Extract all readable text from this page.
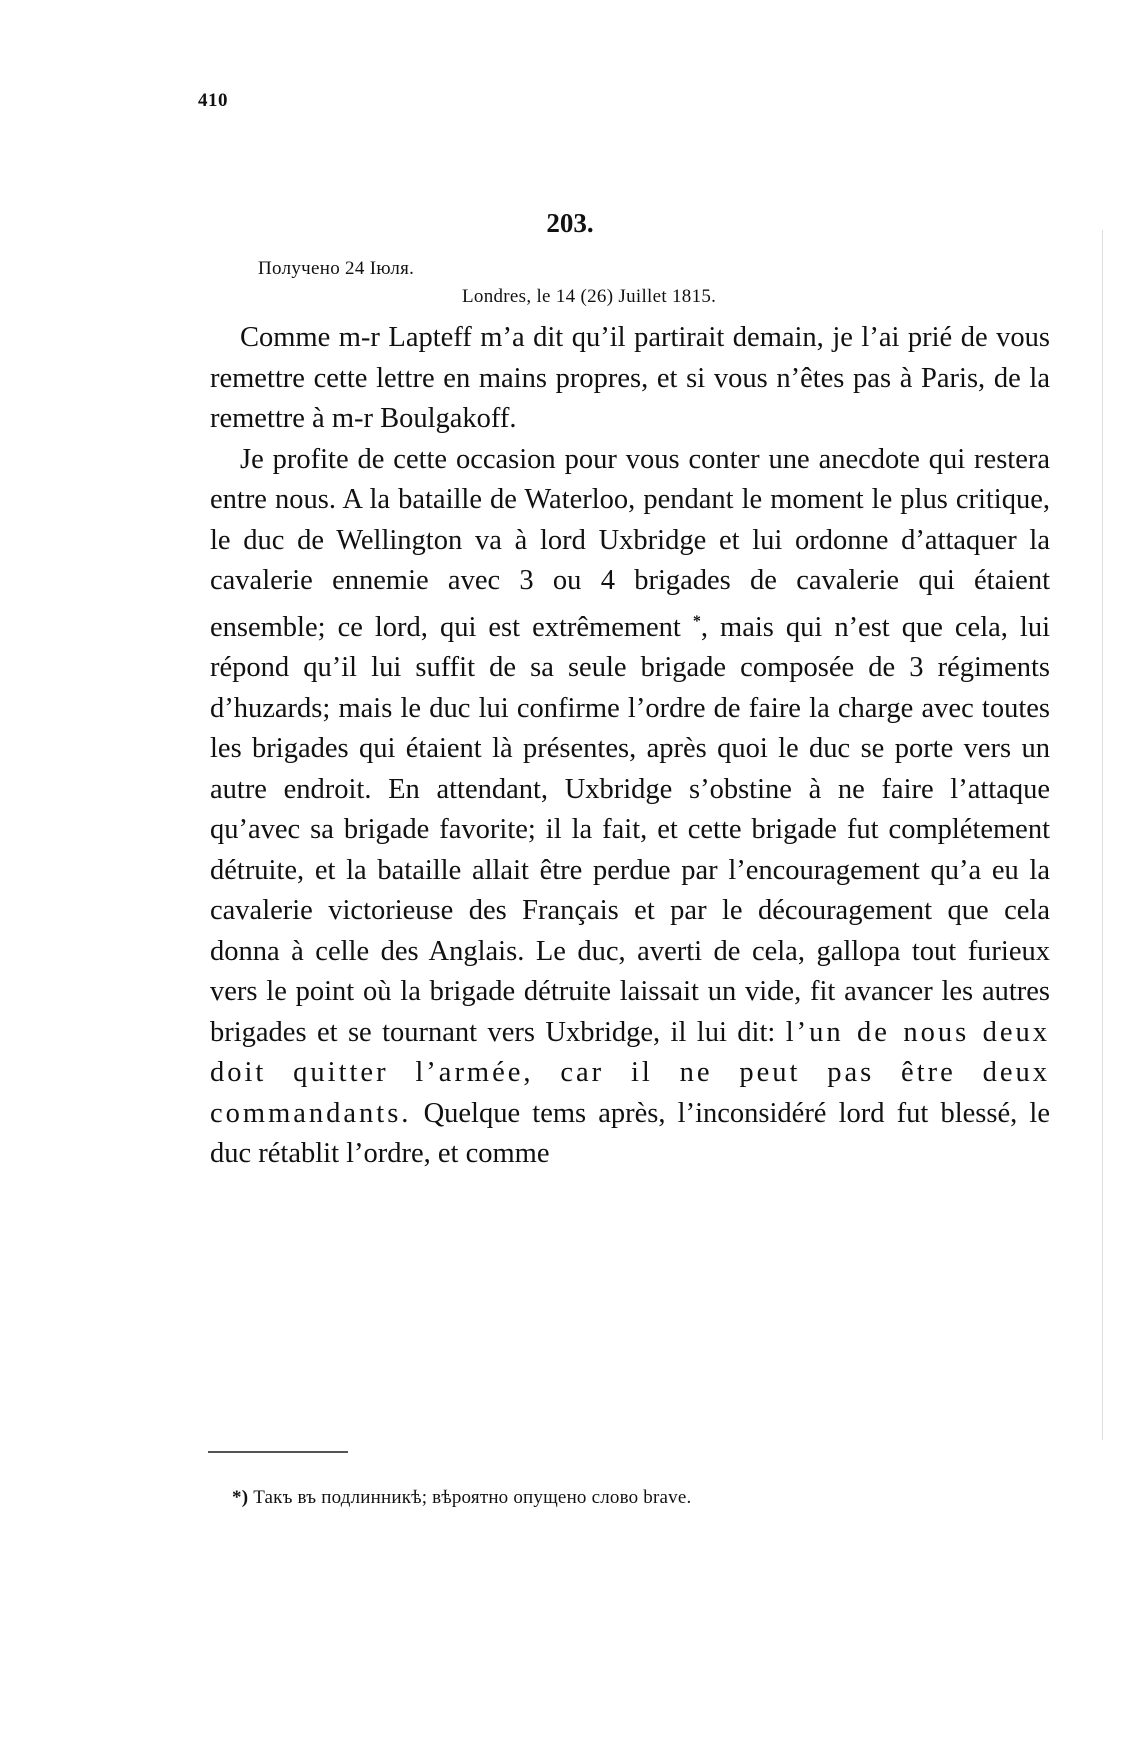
410
203.
Получено 24 Іюля.
Londres, le 14 (26) Juillet 1815.

Comme m-r Lapteff m’a dit qu’il partirait demain, je l’ai prié de vous remettre cette lettre en mains propres, et si vous n’êtes pas à Paris, de la remettre à m-r Boulgakoff.

Je profite de cette occasion pour vous conter une anecdote qui restera entre nous. A la bataille de Waterloo, pendant le moment le plus critique, le duc de Wellington va à lord Uxbridge et lui ordonne d’attaquer la cavalerie ennemie avec 3 ou 4 brigades de cavalerie qui étaient ensemble; ce lord, qui est extrêmement *, mais qui n’est que cela, lui répond qu’il lui suffit de sa seule brigade composée de 3 régiments d’huzards; mais le duc lui confirme l’ordre de faire la charge avec toutes les brigades qui étaient là présentes, après quoi le duc se porte vers un autre endroit. En attendant, Uxbridge s’obstine à ne faire l’attaque qu’avec sa brigade favorite; il la fait, et cette brigade fut complétement détruite, et la bataille allait être perdue par l’encouragement qu’a eu la cavalerie victorieuse des Français et par le découragement que cela donna à celle des Anglais. Le duc, averti de cela, gallopa tout furieux vers le point où la brigade détruite laissait un vide, fit avancer les autres brigades et se tournant vers Uxbridge, il lui dit: l’un de nous deux doit quitter l’armée, car il ne peut pas être deux commandants. Quelque tems après, l’inconsidéré lord fut blessé, le duc rétablit l’ordre, et comme

*) Такъ въ подлинникѣ; вѣроятно опущено слово brave.
